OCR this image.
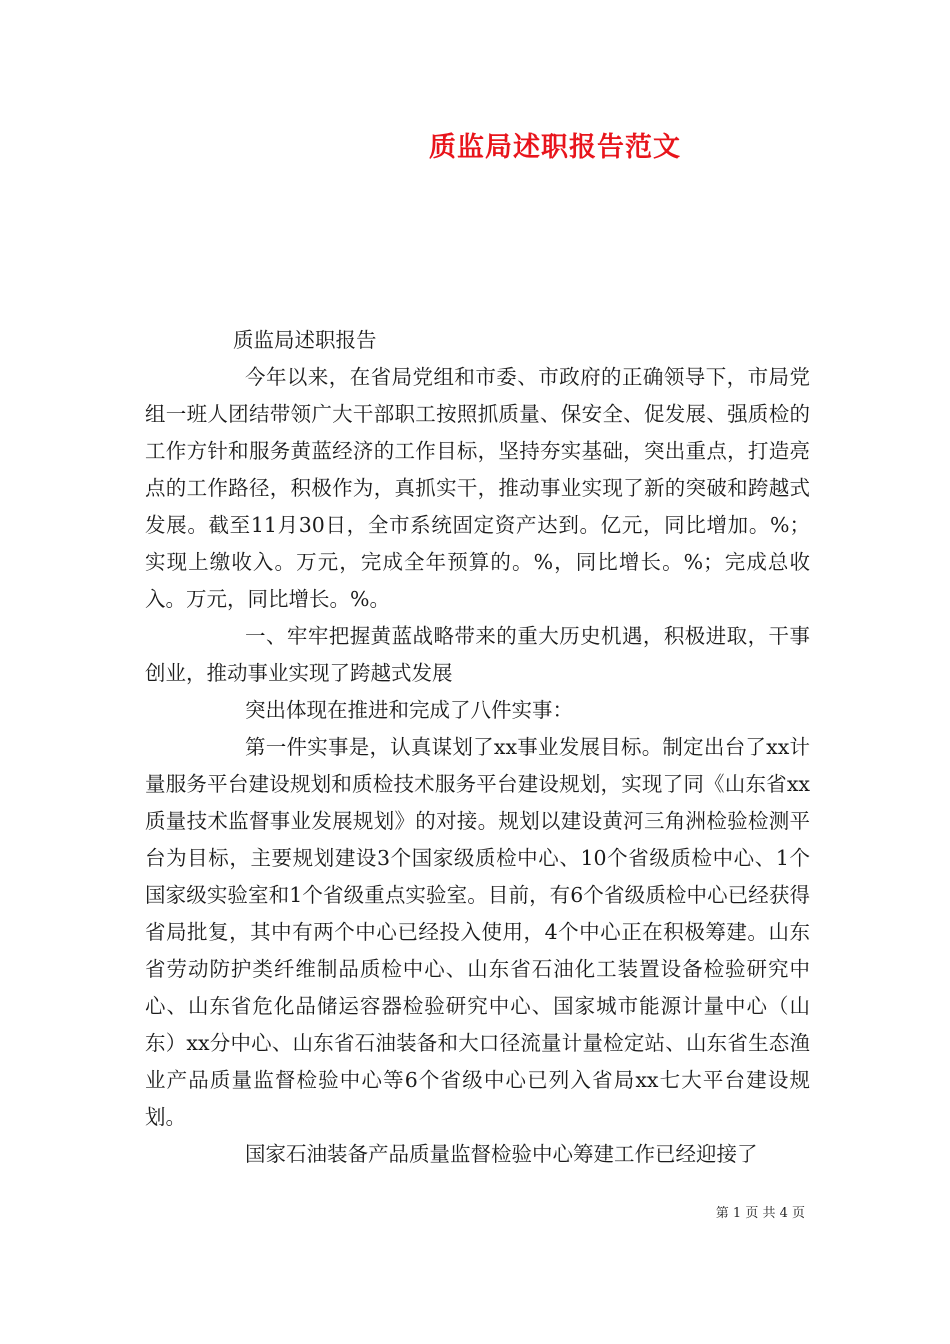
质监局述职报告范文

质监局述职报告

今年以来，在省局党组和市委、市政府的正确领导下，市局党组一班人团结带领广大干部职工按照抓质量、保安全、促发展、强质检的工作方针和服务黄蓝经济的工作目标，坚持夯实基础，突出重点，打造亮点的工作路径，积极作为，真抓实干，推动事业实现了新的突破和跨越式发展。截至11月30日，全市系统固定资产达到。亿元，同比增加。%；实现上缴收入。万元，完成全年预算的。%，同比增长。%；完成总收入。万元，同比增长。%。

一、牢牢把握黄蓝战略带来的重大历史机遇，积极进取，干事创业，推动事业实现了跨越式发展

突出体现在推进和完成了八件实事：

第一件实事是，认真谋划了xx事业发展目标。制定出台了xx计量服务平台建设规划和质检技术服务平台建设规划，实现了同《山东省xx质量技术监督事业发展规划》的对接。规划以建设黄河三角洲检验检测平台为目标，主要规划建设3个国家级质检中心、10个省级质检中心、1个国家级实验室和1个省级重点实验室。目前，有6个省级质检中心已经获得省局批复，其中有两个中心已经投入使用，4个中心正在积极筹建。山东省劳动防护类纤维制品质检中心、山东省石油化工装置设备检验研究中心、山东省危化品储运容器检验研究中心、国家城市能源计量中心（山东）xx分中心、山东省石油装备和大口径流量计量检定站、山东省生态渔业产品质量监督检验中心等6个省级中心已列入省局xx七大平台建设规划。

国家石油装备产品质量监督检验中心筹建工作已经迎接了

第 1 页 共 4 页
